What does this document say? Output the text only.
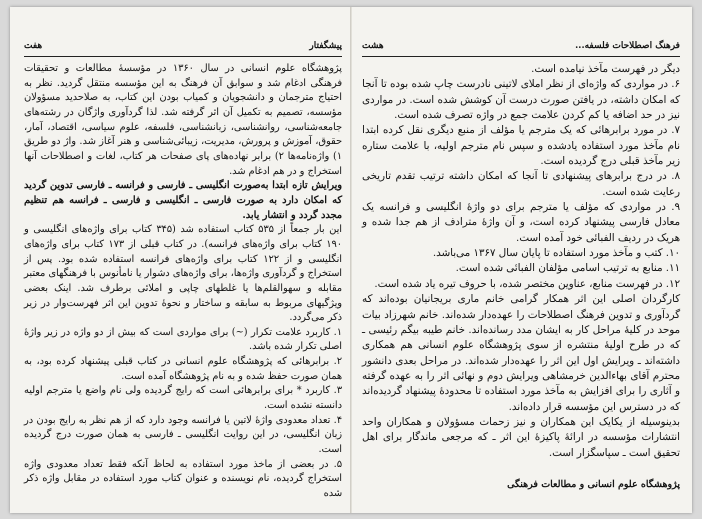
پیشگفتار
هفت

پژوهشگاه علوم انسانی در سال ۱۳۶۰ در مؤسسهٔ مطالعات و تحقیقات فرهنگی ادغام شد و سوابق آن فرهنگ به این مؤسسه منتقل گردید. نظر به احتیاج مترجمان و دانشجویان و کمیاب بودن این کتاب، به صلاحدید مسؤولان مؤسسه، تصمیم به تکمیل آن اثر گرفته شد. لذا گردآوری واژگان در رشته‌های جامعه‌شناسی، روانشناسی، زبانشناسی، فلسفه، علوم سیاسی، اقتصاد، آمار، حقوق، آموزش و پرورش، مدیریت، زیبائی‌شناسی و هنر آغاز شد. واژ دو طریق ۱) واژه‌نامه‌ها ۲) برابر نهاده‌های پای صفحات هر کتاب، لغات و اصطلاحات آنها استخراج و در هم ادغام شد.

ویرایش تازه ابتدا به‌صورت انگلیسی ـ فارسی و فرانسه ـ فارسی تدوین گردید که امکان دارد به صورت فارسی ـ انگلیسی و فارسی ـ فرانسه هم تنظیم مجدد گردد و انتشار یابد.

این بار جمعاً از ۵۳۵ کتاب استفاده شد (۳۴۵ کتاب برای واژه‌های انگلیسی و ۱۹۰ کتاب برای واژه‌های فرانسه). در کتاب قبلی از ۱۷۳ کتاب برای واژه‌های انگلیسی و از ۱۲۲ کتاب برای واژه‌های فرانسه استفاده شده بود. پس از استخراج و گردآوری واژه‌ها، برای واژه‌های دشوار یا نامأنوس با فرهنگهای معتبر مقابله و سهوالقلم‌ها یا غلطهای چاپی و املائی برطرف شد. اینک بعضی ویژگیهای مربوط به سابقه و ساختار و نحوهٔ تدوین این اثر فهرست‌وار در زیر ذکر می‌گردد.

۱. کاربرد علامت تکرار (~) برای مواردی است که بیش از دو واژه در زیر واژهٔ اصلی تکرار شده باشد.

۲. برابرهائی که پژوهشگاه علوم انسانی در کتاب قبلی پیشنهاد کرده بود، به همان صورت حفظ شده و به نام پژوهشگاه آمده است.

۳. کاربرد * برای برابرهائی است که رایج گردیده ولی نام واضع یا مترجم اولیه دانسته نشده است.

۴. تعداد معدودی واژهٔ لاتین یا فرانسه وجود دارد که از هم نظر به رایج بودن در زبان انگلیسی، در این روایت انگلیسی ـ فارسی به همان صورت درج گردیده است.

۵. در بعضی از ماخذ مورد استفاده به لحاظ آنکه فقط تعداد معدودی واژه استخراج گردیده، نام نویسنده و عنوان کتاب مورد استفاده در مقابل واژه ذکر شده

فرهنگ اصطلاحات فلسفه...
هشت

دیگر در فهرست مآخذ نیامده است.

۶. در مواردی که واژه‌ای از نظر املای لاتینی نادرست چاپ شده بوده تا آنجا که امکان داشته، در یافتن صورت درست آن کوشش شده است. در مواردی نیز در حد اضافه یا کم کردن علامت جمع در واژه تصرف شده است.

۷. در مورد برابرهائی که یک مترجم یا مؤلف از منبع دیگری نقل کرده ابتدا نام مآخذ مورد استفاده یادشده و سپس نام مترجم اولیه، با علامت ستاره زیر مآخذ قبلی درج گردیده است.

۸. در درج برابرهای پیشنهادی تا آنجا که امکان داشته ترتیب تقدم تاریخی رعایت شده است.

۹. در مواردی که مؤلف یا مترجم برای دو واژهٔ انگلیسی و فرانسه یک معادل فارسی پیشنهاد کرده است، و آن واژهٔ مترادف از هم جدا شده و هریک در ردیف الفبائی خود آمده است.

۱۰. کتب و مآخذ مورد استفاده تا پایان سال ۱۳۶۷ می‌باشد.

۱۱. منابع به ترتیب اسامی مؤلفان الفبائی شده است.

۱۲. در فهرست منابع، عناوین مختصر شده، با حروف تیره یاد شده است.

کارگردان اصلی این اثر همکار گرامی خانم ماری بریجانیان بوده‌اند که گردآوری و تدوین فرهنگ اصطلاحات را عهده‌دار شده‌اند. خانم شهرزاد بیات موحد در کلیهٔ مراحل کار به ایشان مدد رسانده‌اند. خانم طیبه بیگم رئیسی ـ که در طرح اولیهٔ منتشره از سوی پژوهشگاه علوم انسانی هم همکاری داشته‌اند ـ ویرایش اول این اثر را عهده‌دار شده‌اند. در مراحل بعدی دانشور محترم آقای بهاء‌الدین خرمشاهی ویرایش دوم و نهائی اثر را به عهده گرفته و آثاری را برای افزایش به مآخذ مورد استفاده تا محدودهٔ پیشنهاد گردیده‌اند که در دسترس این مؤسسه قرار داده‌اند.

بدینوسیله از یکایک این همکاران و نیز زحمات مسؤولان و همکاران واحد انتشارات مؤسسه در ارائهٔ پاکیزهٔ این اثر ـ که مرجعی ماندگار برای اهل تحقیق است ـ سپاسگزار است.

پژوهشگاه علوم انسانی و مطالعات فرهنگی
